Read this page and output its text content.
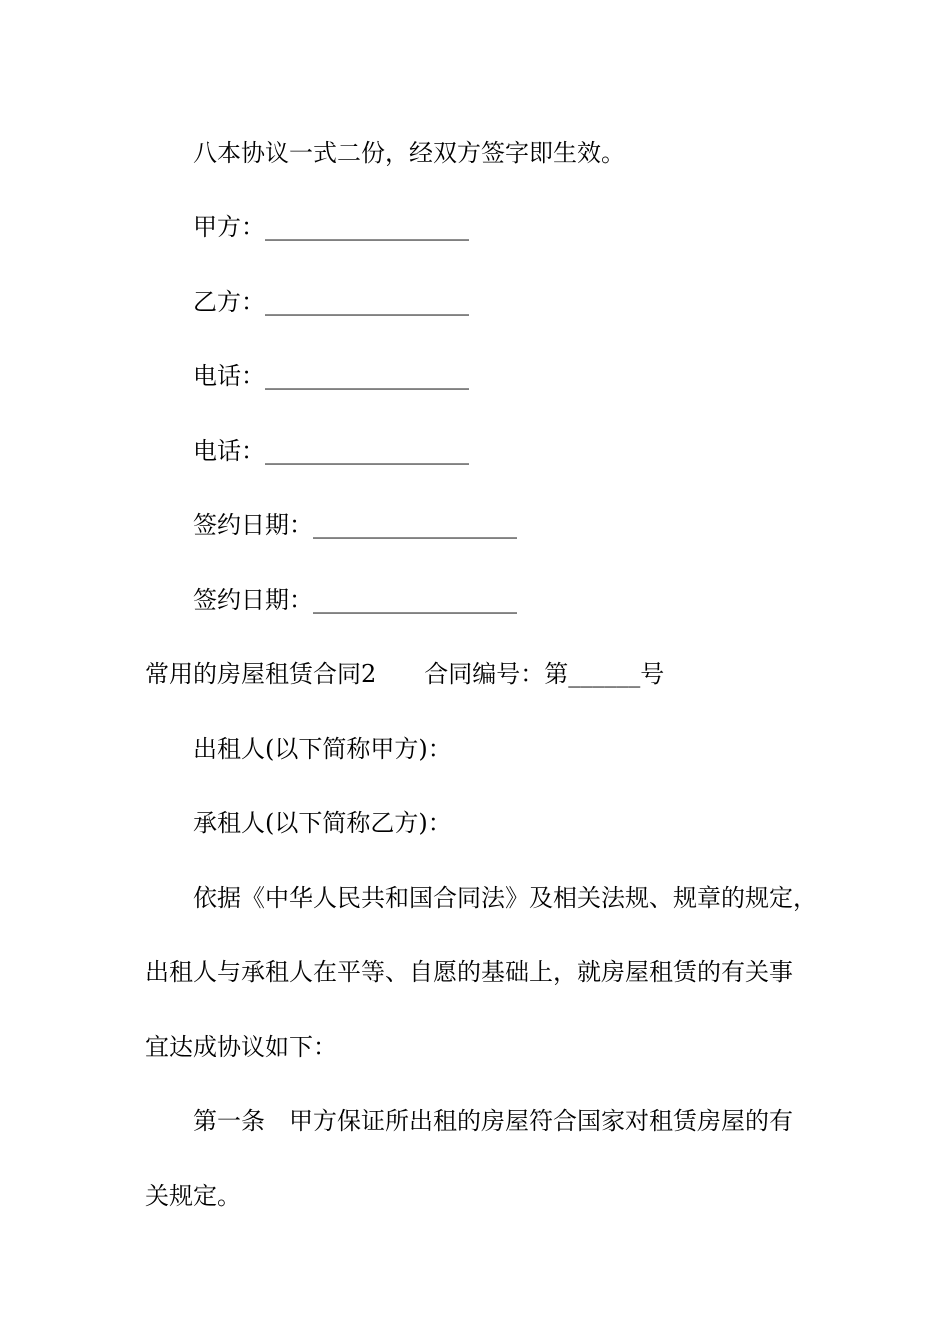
八本协议一式二份，经双方签字即生效。
甲方：_________________
乙方：_________________
电话：_________________
电话：_________________
签约日期：_________________
签约日期：_________________
常用的房屋租赁合同2　　合同编号：第______号
出租人(以下简称甲方)：
承租人(以下简称乙方)：
依据《中华人民共和国合同法》及相关法规、规章的规定，
出租人与承租人在平等、自愿的基础上，就房屋租赁的有关事
宜达成协议如下：
第一条　甲方保证所出租的房屋符合国家对租赁房屋的有
关规定。
